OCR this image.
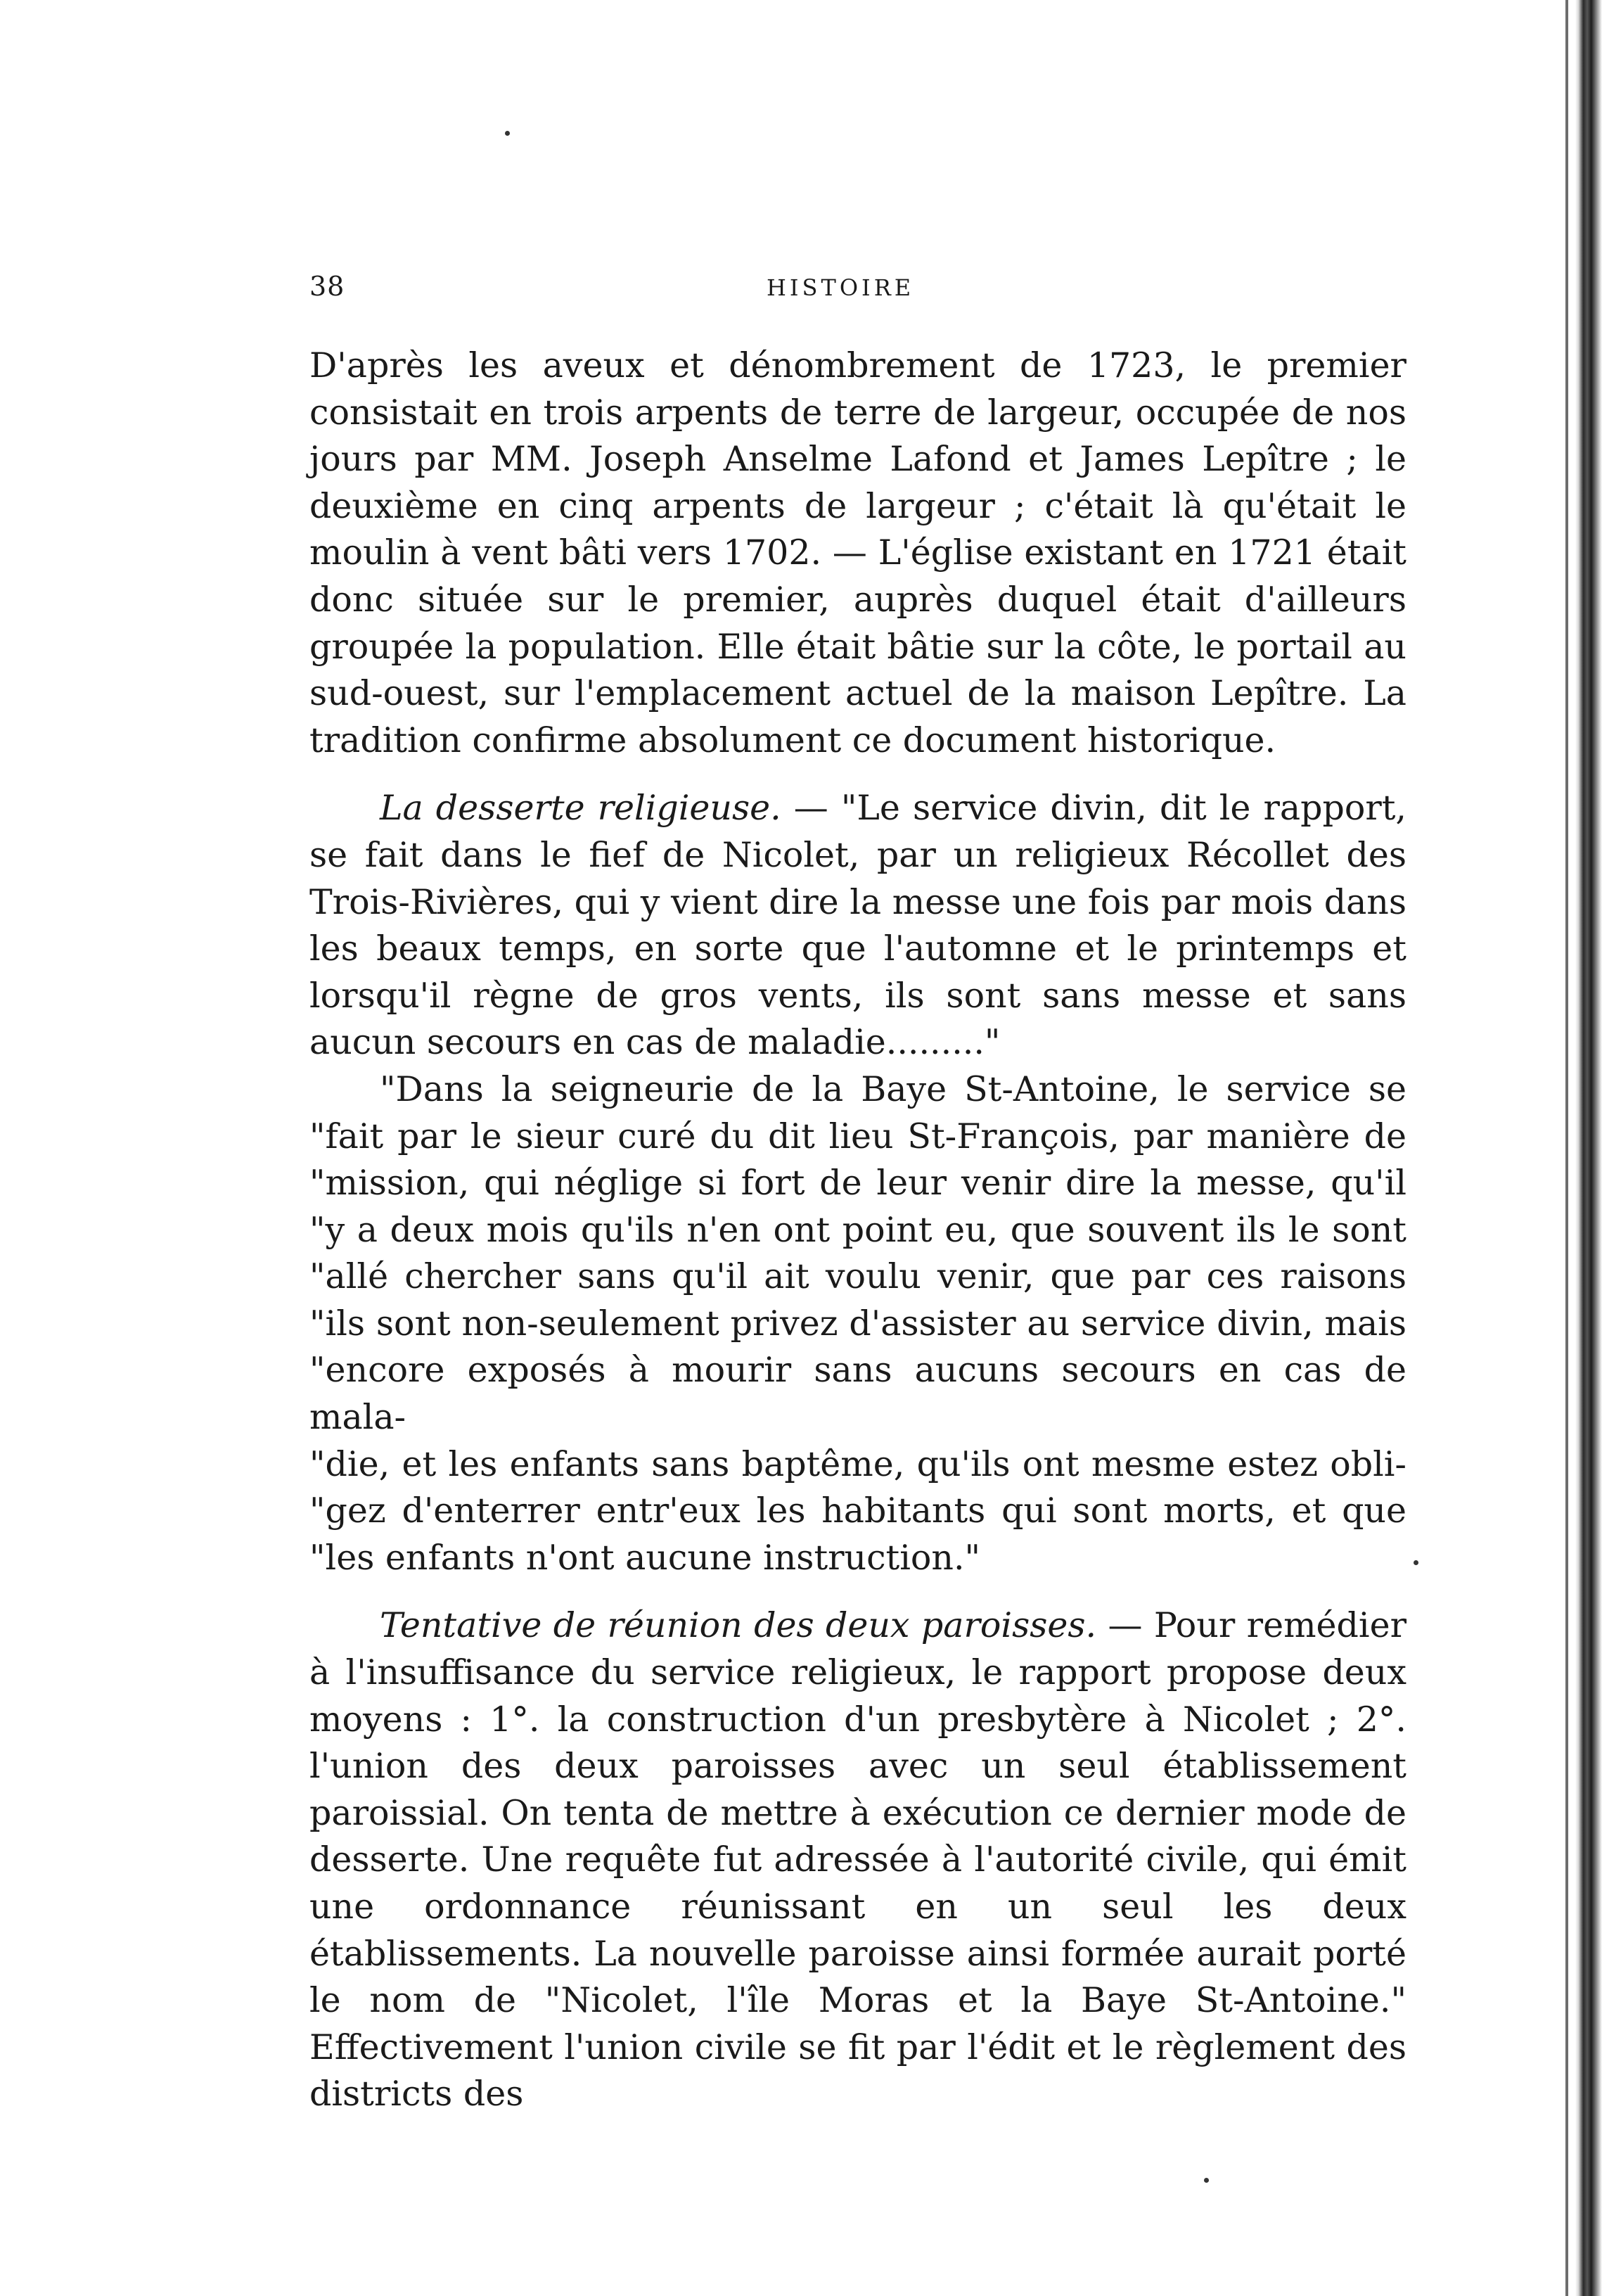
38	HISTOIRE

D'après les aveux et dénombrement de 1723, le premier consistait en trois arpents de terre de largeur, occupée de nos jours par MM. Joseph Anselme Lafond et James Lepître ; le deuxième en cinq arpents de largeur ; c'était là qu'était le moulin à vent bâti vers 1702. — L'église existant en 1721 était donc située sur le premier, auprès duquel était d'ailleurs groupée la population. Elle était bâtie sur la côte, le portail au sud-ouest, sur l'emplacement actuel de la maison Lepître. La tradition confirme absolument ce document historique.

La desserte religieuse. — "Le service divin, dit le rapport, se fait dans le fief de Nicolet, par un religieux Récollet des Trois-Rivières, qui y vient dire la messe une fois par mois dans les beaux temps, en sorte que l'automne et le printemps et lorsqu'il règne de gros vents, ils sont sans messe et sans aucun secours en cas de maladie........."

"Dans la seigneurie de la Baye St-Antoine, le service se
"fait par le sieur curé du dit lieu St-François, par manière de
"mission, qui néglige si fort de leur venir dire la messe, qu'il
"y a deux mois qu'ils n'en ont point eu, que souvent ils le sont
"allé chercher sans qu'il ait voulu venir, que par ces raisons
"ils sont non-seulement privez d'assister au service divin, mais
"encore exposés à mourir sans aucuns secours en cas de mala-
"die, et les enfants sans baptême, qu'ils ont mesme estez obli-
"gez d'enterrer entr'eux les habitants qui sont morts, et que
"les enfants n'ont aucune instruction."

Tentative de réunion des deux paroisses. — Pour remédier à l'insuffisance du service religieux, le rapport propose deux moyens : 1°. la construction d'un presbytère à Nicolet ; 2°. l'union des deux paroisses avec un seul établissement paroissial. On tenta de mettre à exécution ce dernier mode de desserte. Une requête fut adressée à l'autorité civile, qui émit une ordonnance réunissant en un seul les deux établissements. La nouvelle paroisse ainsi formée aurait porté le nom de "Nicolet, l'île Moras et la Baye St-Antoine." Effectivement l'union civile se fit par l'édit et le règlement des districts des
